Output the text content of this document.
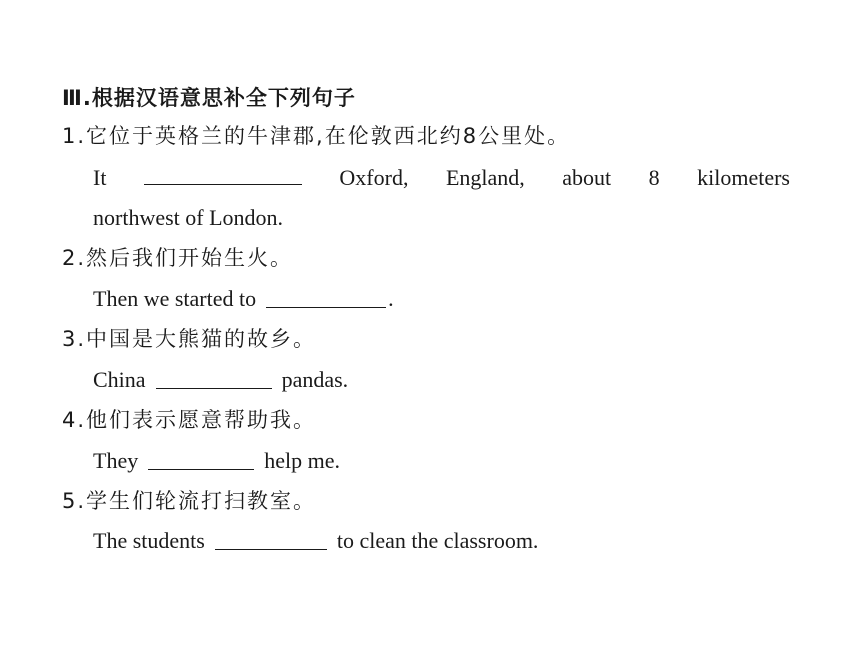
Ⅲ.根据汉语意思补全下列句子
1.它位于英格兰的牛津郡,在伦敦西北约8公里处。
It	Oxford, England, about 8 kilometers
northwest of London.
2.然后我们开始生火。
Then we started to	.
3.中国是大熊猫的故乡。
China	pandas.
4.他们表示愿意帮助我。
They	help me.
5.学生们轮流打扫教室。
The students	to clean the classroom.
